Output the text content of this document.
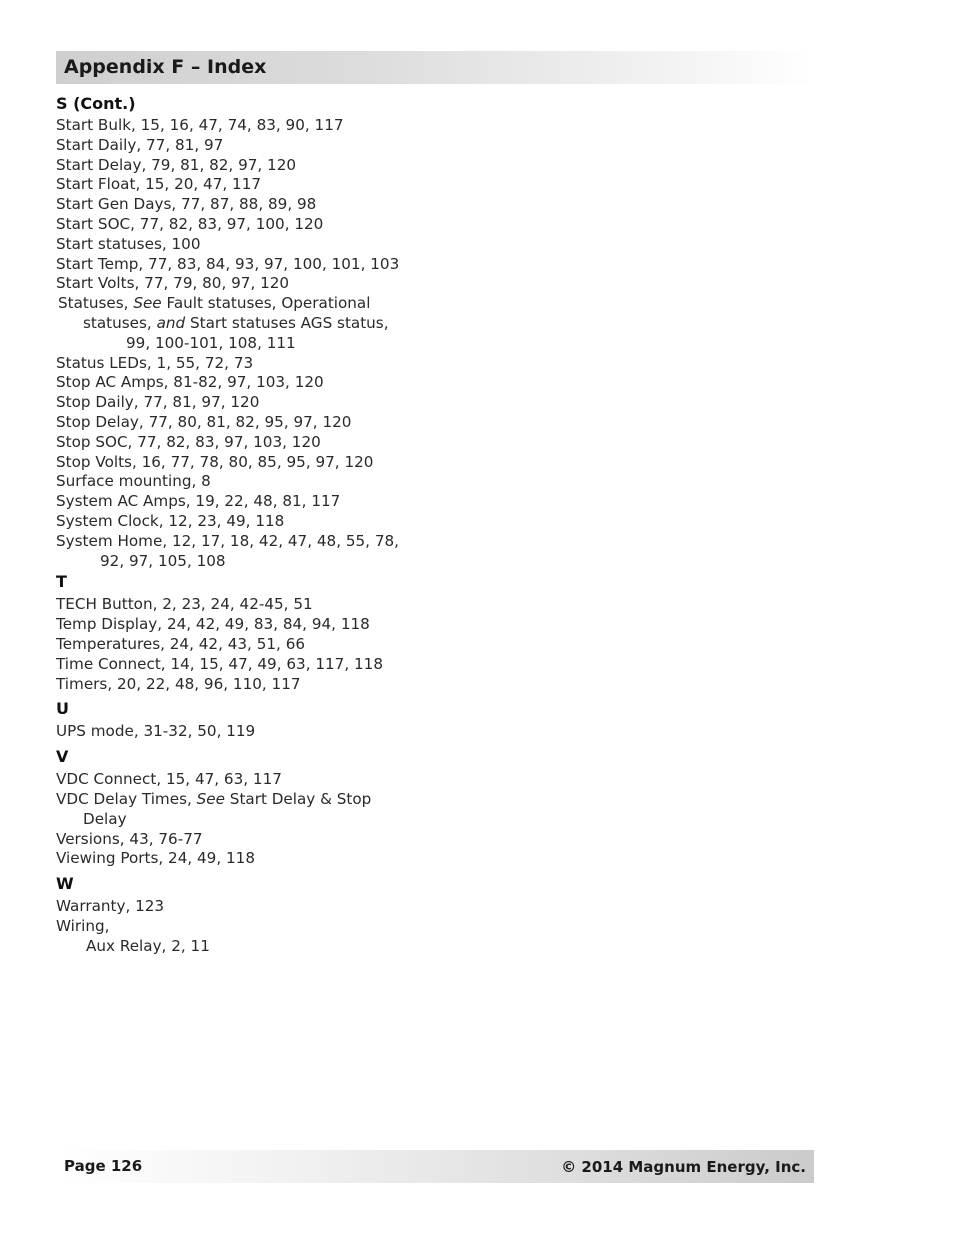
Appendix F – Index
S (Cont.)
Start Bulk, 15, 16, 47, 74, 83, 90, 117
Start Daily, 77, 81, 97
Start Delay, 79, 81, 82, 97, 120
Start Float, 15, 20, 47, 117
Start Gen Days, 77, 87, 88, 89, 98
Start SOC, 77, 82, 83, 97, 100, 120
Start statuses, 100
Start Temp, 77, 83, 84, 93, 97, 100, 101, 103
Start Volts, 77, 79, 80, 97, 120
Statuses, See Fault statuses, Operational
statuses, and Start statuses AGS status,
99, 100-101, 108, 111
Status LEDs, 1, 55, 72, 73
Stop AC Amps, 81-82, 97, 103, 120
Stop Daily, 77, 81, 97, 120
Stop Delay, 77, 80, 81, 82, 95, 97, 120
Stop SOC, 77, 82, 83, 97, 103, 120
Stop Volts, 16, 77, 78, 80, 85, 95, 97, 120
Surface mounting, 8
System AC Amps, 19, 22, 48, 81, 117
System Clock, 12, 23, 49, 118
System Home, 12, 17, 18, 42, 47, 48, 55, 78,
92, 97, 105, 108
T
TECH Button, 2, 23, 24, 42-45, 51
Temp Display, 24, 42, 49, 83, 84, 94, 118
Temperatures, 24, 42, 43, 51, 66
Time Connect, 14, 15, 47, 49, 63, 117, 118
Timers, 20, 22, 48, 96, 110, 117
U
UPS mode, 31-32, 50, 119
V
VDC Connect, 15, 47, 63, 117
VDC Delay Times, See Start Delay & Stop
Delay
Versions, 43, 76-77
Viewing Ports, 24, 49, 118
W
Warranty, 123
Wiring,
Aux Relay, 2, 11
Page 126	© 2014 Magnum Energy, Inc.
